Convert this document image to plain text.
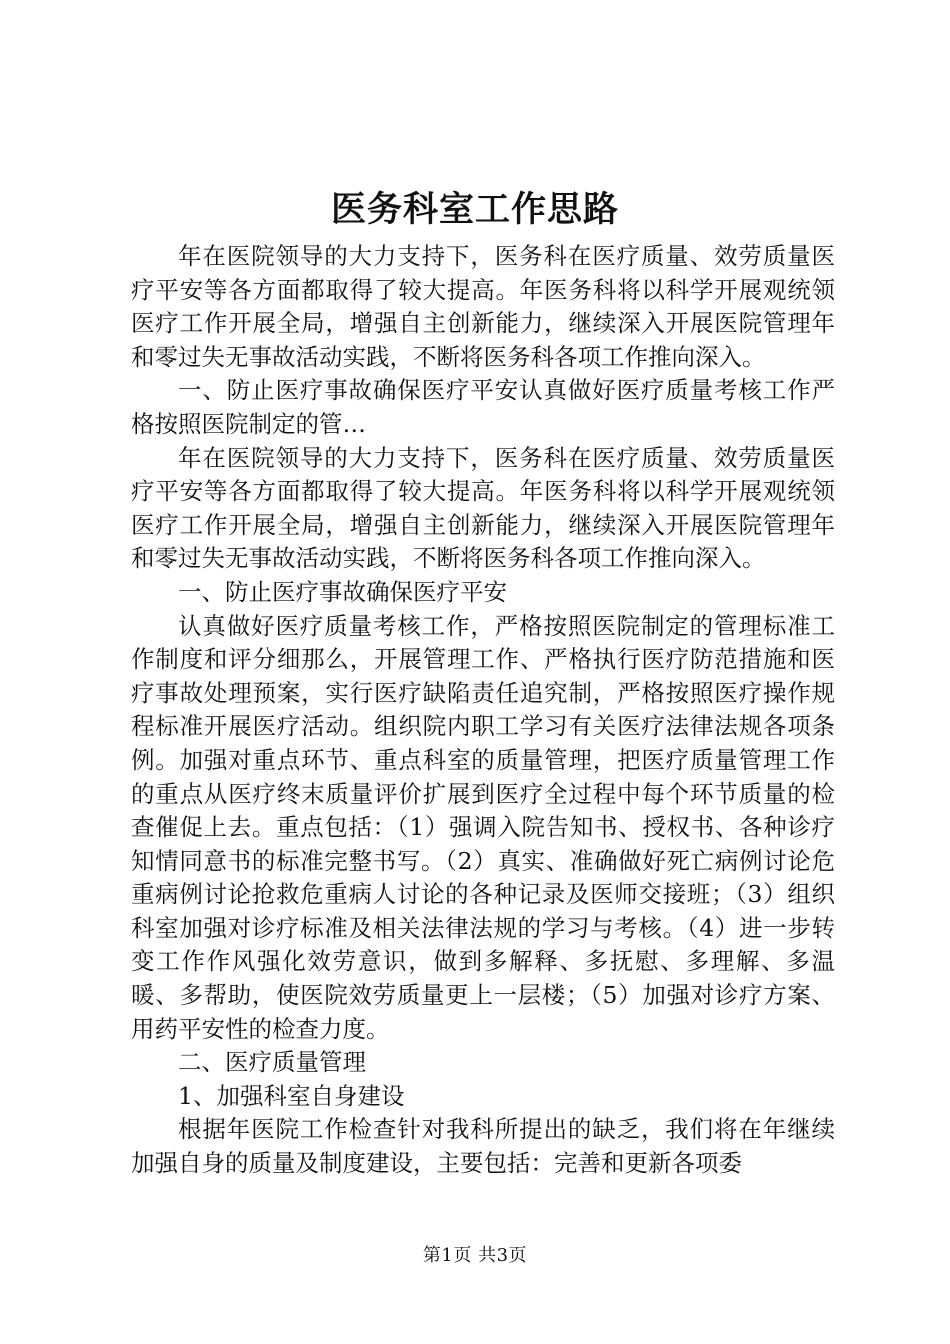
医务科室工作思路

年在医院领导的大力支持下，医务科在医疗质量、效劳质量医疗平安等各方面都取得了较大提高。年医务科将以科学开展观统领医疗工作开展全局，增强自主创新能力，继续深入开展医院管理年和零过失无事故活动实践，不断将医务科各项工作推向深入。

一、防止医疗事故确保医疗平安认真做好医疗质量考核工作严格按照医院制定的管…

年在医院领导的大力支持下，医务科在医疗质量、效劳质量医疗平安等各方面都取得了较大提高。年医务科将以科学开展观统领医疗工作开展全局，增强自主创新能力，继续深入开展医院管理年和零过失无事故活动实践，不断将医务科各项工作推向深入。

一、防止医疗事故确保医疗平安

认真做好医疗质量考核工作，严格按照医院制定的管理标准工作制度和评分细那么，开展管理工作、严格执行医疗防范措施和医疗事故处理预案，实行医疗缺陷责任追究制，严格按照医疗操作规程标准开展医疗活动。组织院内职工学习有关医疗法律法规各项条例。加强对重点环节、重点科室的质量管理，把医疗质量管理工作的重点从医疗终末质量评价扩展到医疗全过程中每个环节质量的检查催促上去。重点包括：（1）强调入院告知书、授权书、各种诊疗知情同意书的标准完整书写。（2）真实、准确做好死亡病例讨论危重病例讨论抢救危重病人讨论的各种记录及医师交接班；（3）组织科室加强对诊疗标准及相关法律法规的学习与考核。（4）进一步转变工作作风强化效劳意识，做到多解释、多抚慰、多理解、多温暖、多帮助，使医院效劳质量更上一层楼；（5）加强对诊疗方案、用药平安性的检查力度。

二、医疗质量管理

1、加强科室自身建设

根据年医院工作检查针对我科所提出的缺乏，我们将在年继续加强自身的质量及制度建设，主要包括：完善和更新各项委

第1页 共3页
